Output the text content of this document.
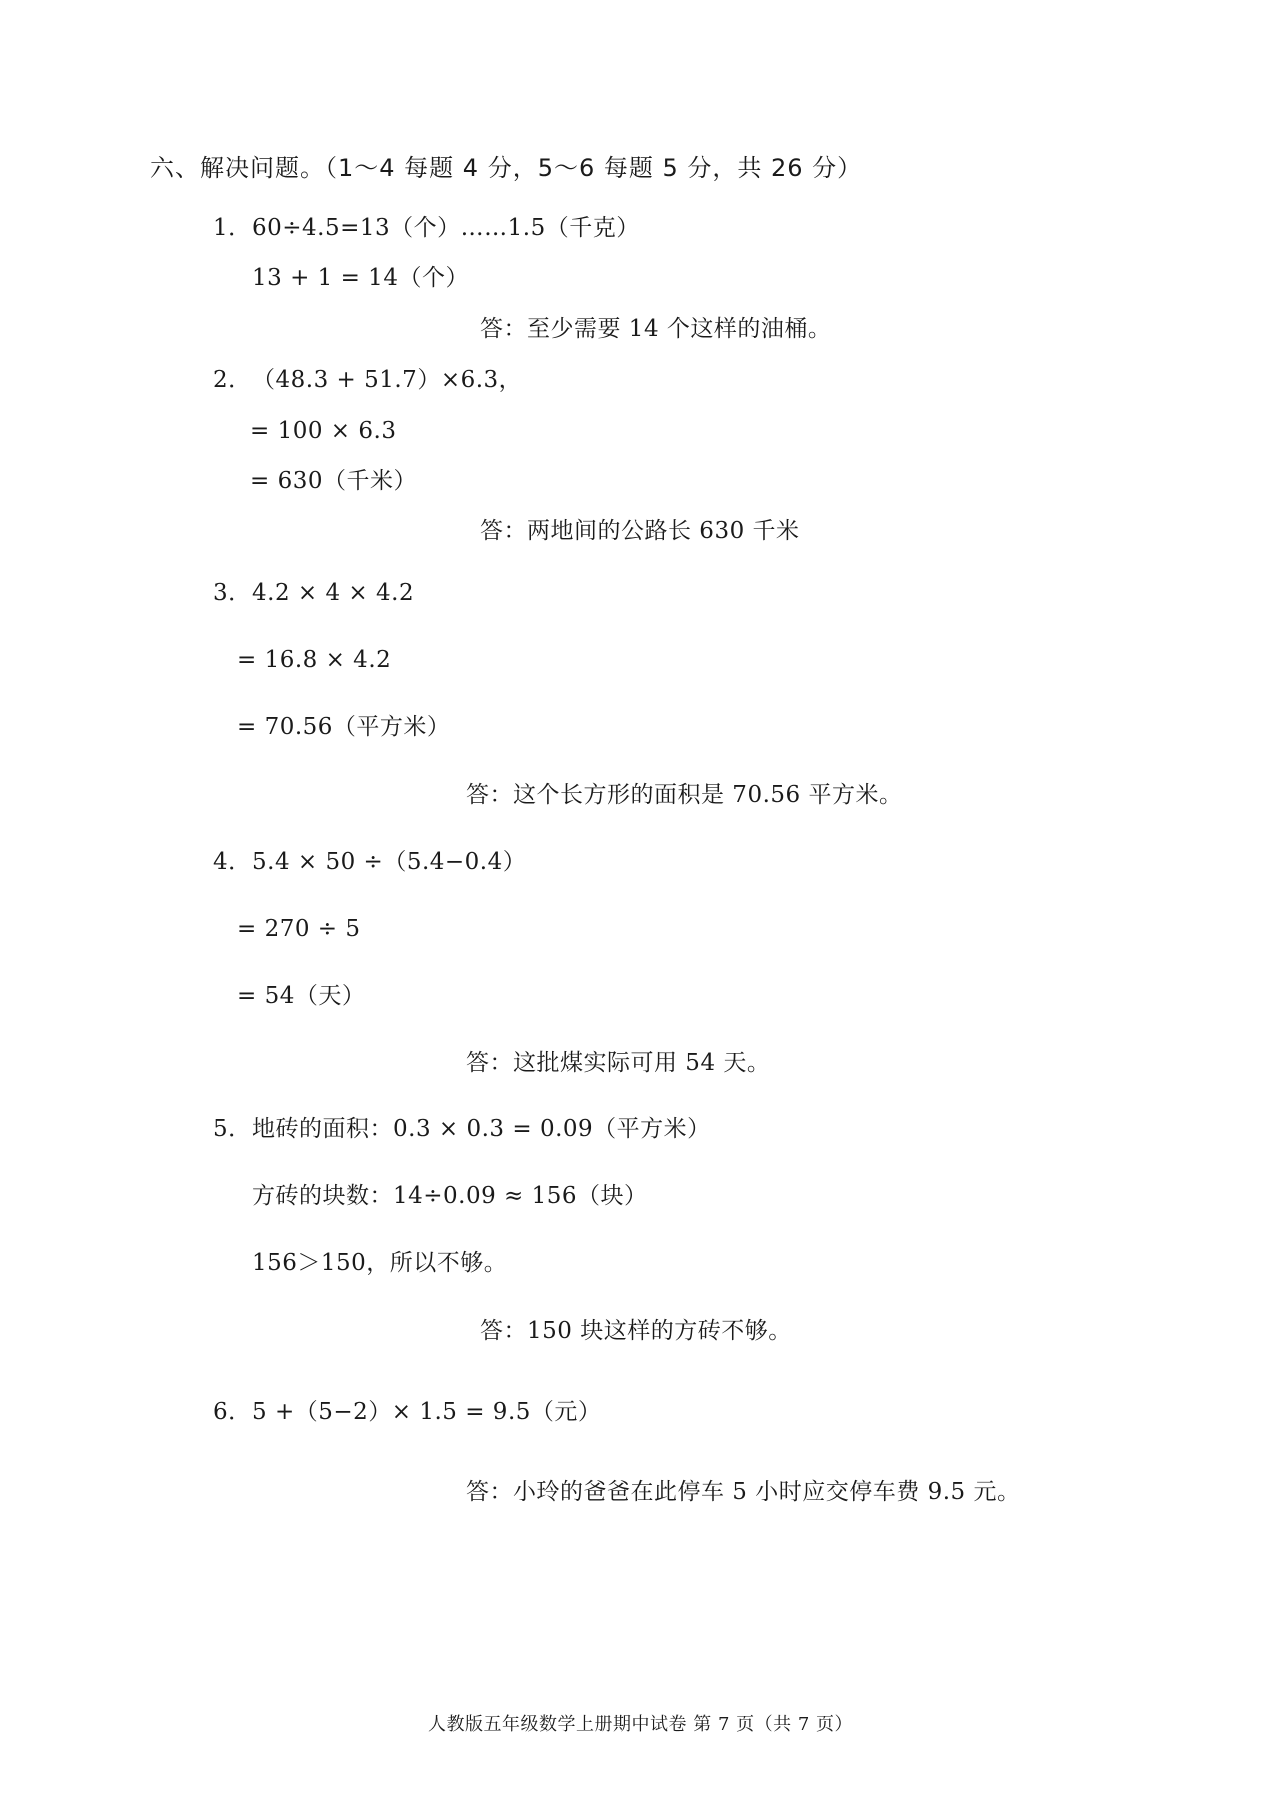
六、解决问题。（1～4 每题 4 分，5～6 每题 5 分，共 26 分）
1． 60÷4.5=13（个）……1.5（千克）
13 + 1 = 14（个）
答：至少需要 14 个这样的油桶。
2． （48.3 + 51.7）×6.3，
= 100 × 6.3
= 630（千米）
答：两地间的公路长 630 千米
3． 4.2 × 4 × 4.2
= 16.8 × 4.2
= 70.56（平方米）
答：这个长方形的面积是 70.56 平方米。
4． 5.4 × 50 ÷（5.4−0.4）
= 270 ÷ 5
= 54（天）
答：这批煤实际可用 54 天。
5． 地砖的面积：0.3 × 0.3 = 0.09（平方米）
方砖的块数：14÷0.09 ≈ 156（块）
156＞150，所以不够。
答：150 块这样的方砖不够。
6． 5 +（5−2）× 1.5 = 9.5（元）
答：小玲的爸爸在此停车 5 小时应交停车费 9.5 元。
人教版五年级数学上册期中试卷 第 7 页（共 7 页）
